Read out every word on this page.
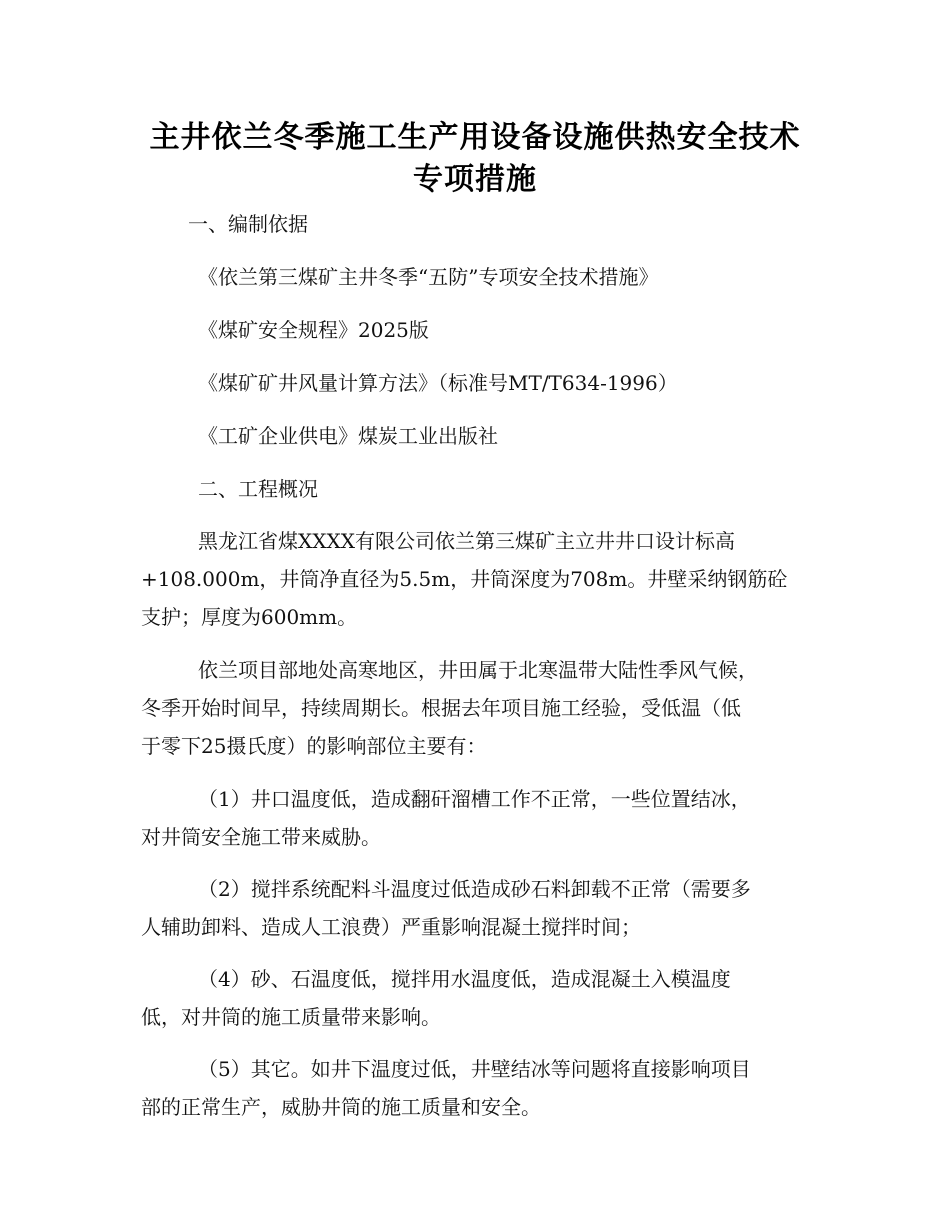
主井依兰冬季施工生产用设备设施供热安全技术
专项措施
一、编制依据
《依兰第三煤矿主井冬季“五防”专项安全技术措施》
《煤矿安全规程》2025版
《煤矿矿井风量计算方法》（标准号MT/T634-1996）
《工矿企业供电》煤炭工业出版社
二、工程概况
黑龙江省煤XXXX有限公司依兰第三煤矿主立井井口设计标高
+108.000m，井筒净直径为5.5m，井筒深度为708m。井壁采纳钢筋砼
支护；厚度为600mm。
依兰项目部地处高寒地区，井田属于北寒温带大陆性季风气候，
冬季开始时间早，持续周期长。根据去年项目施工经验，受低温（低
于零下25摄氏度）的影响部位主要有：
（1）井口温度低，造成翻矸溜槽工作不正常，一些位置结冰，
对井筒安全施工带来威胁。
（2）搅拌系统配料斗温度过低造成砂石料卸载不正常（需要多
人辅助卸料、造成人工浪费）严重影响混凝土搅拌时间；
（4）砂、石温度低，搅拌用水温度低，造成混凝土入模温度
低，对井筒的施工质量带来影响。
（5）其它。如井下温度过低，井壁结冰等问题将直接影响项目
部的正常生产，威胁井筒的施工质量和安全。
